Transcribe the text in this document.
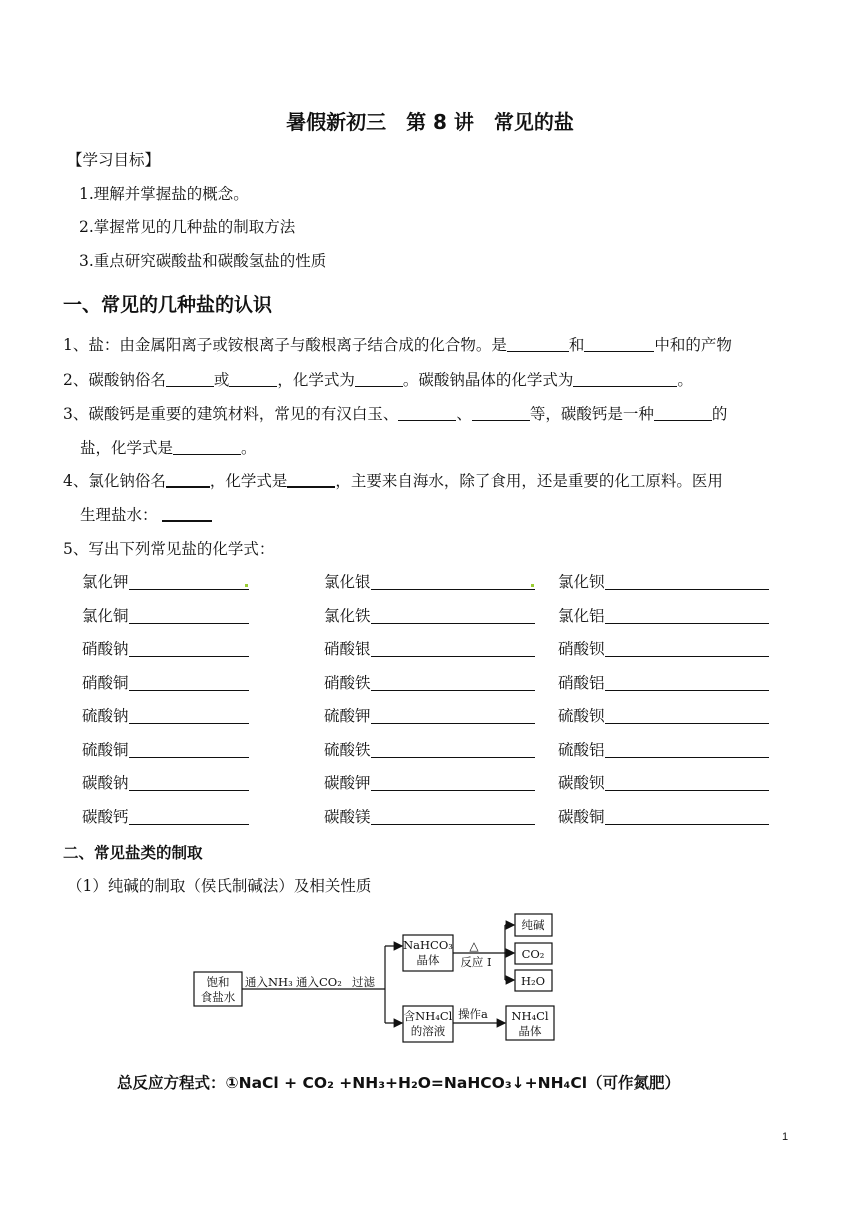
暑假新初三　第 8 讲　常见的盐
【学习目标】
1.理解并掌握盐的概念。
2.掌握常见的几种盐的制取方法
3.重点研究碳酸盐和碳酸氢盐的性质
一、常见的几种盐的认识
1、盐：由金属阳离子或铵根离子与酸根离子结合成的化合物。是	和	中和的产物
2、碳酸钠俗名	或	，化学式为	。碳酸钠晶体的化学式为	。
3、碳酸钙是重要的建筑材料，常见的有汉白玉、	、	等，碳酸钙是一种	的
盐，化学式是	。
4、氯化钠俗名	，化学式是	，主要来自海水，除了食用，还是重要的化工原料。医用
生理盐水：
5、写出下列常见盐的化学式：
氯化钾	氯化银	氯化钡
氯化铜	氯化铁	氯化铝
硝酸钠	硝酸银	硝酸钡
硝酸铜	硝酸铁	硝酸铝
硫酸钠	硫酸钾	硫酸钡
硫酸铜	硫酸铁	硫酸铝
碳酸钠	碳酸钾	碳酸钡
碳酸钙	碳酸镁	碳酸铜
二、常见盐类的制取
（1）纯碱的制取（侯氏制碱法）及相关性质
饱和
食盐水
通入NH₃ 通入CO₂ 过滤
NaHCO₃
晶体
△
反应 I
纯碱
CO₂
H₂O
含NH₄Cl
的溶液
操作a NH₄Cl
晶体
总反应方程式：①NaCl + CO₂ +NH₃+H₂O=NaHCO₃↓+NH₄Cl（可作氮肥）
1
